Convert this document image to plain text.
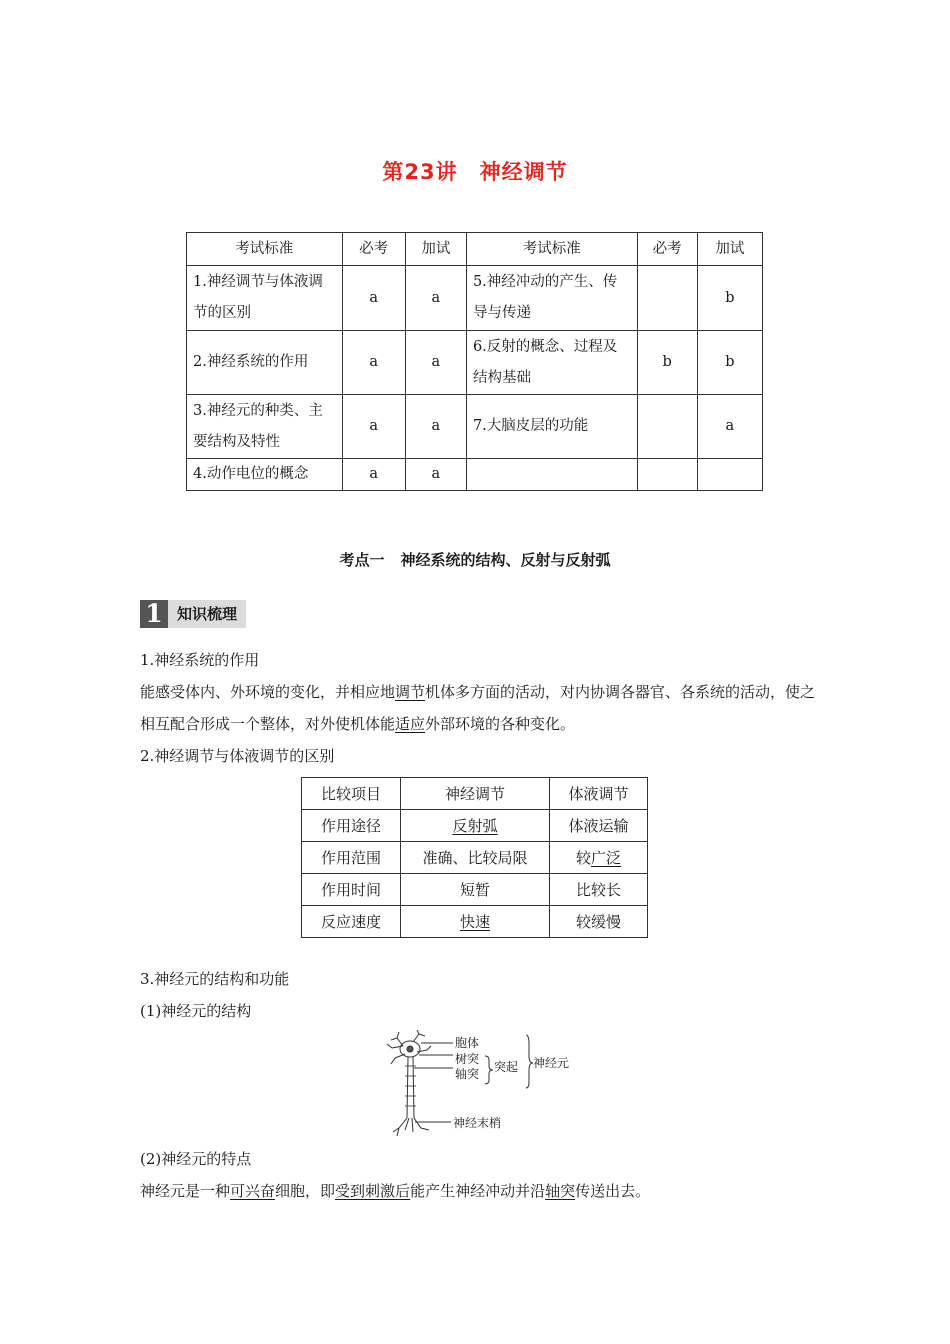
第23讲 神经调节
考试标准	必考	加试	考试标准	必考	加试
1.神经调节与体液调节的区别	a	a	5.神经冲动的产生、传导与传递		b
2.神经系统的作用	a	a	6.反射的概念、过程及结构基础	b	b
3.神经元的种类、主要结构及特性	a	a	7.大脑皮层的功能		a
4.动作电位的概念	a	a			
考点一 神经系统的结构、反射与反射弧
1 知识梳理
1.神经系统的作用
能感受体内、外环境的变化，并相应地调节机体多方面的活动，对内协调各器官、各系统的活动，使之相互配合形成一个整体，对外使机体能适应外部环境的各种变化。
2.神经调节与体液调节的区别
比较项目	神经调节	体液调节
作用途径	反射弧	体液运输
作用范围	准确、比较局限	较广泛
作用时间	短暂	比较长
反应速度	快速	较缓慢
3.神经元的结构和功能
(1)神经元的结构
胞体
树突
轴突 突起 神经元
神经末梢
(2)神经元的特点
神经元是一种可兴奋细胞，即受到刺激后能产生神经冲动并沿轴突传送出去。
